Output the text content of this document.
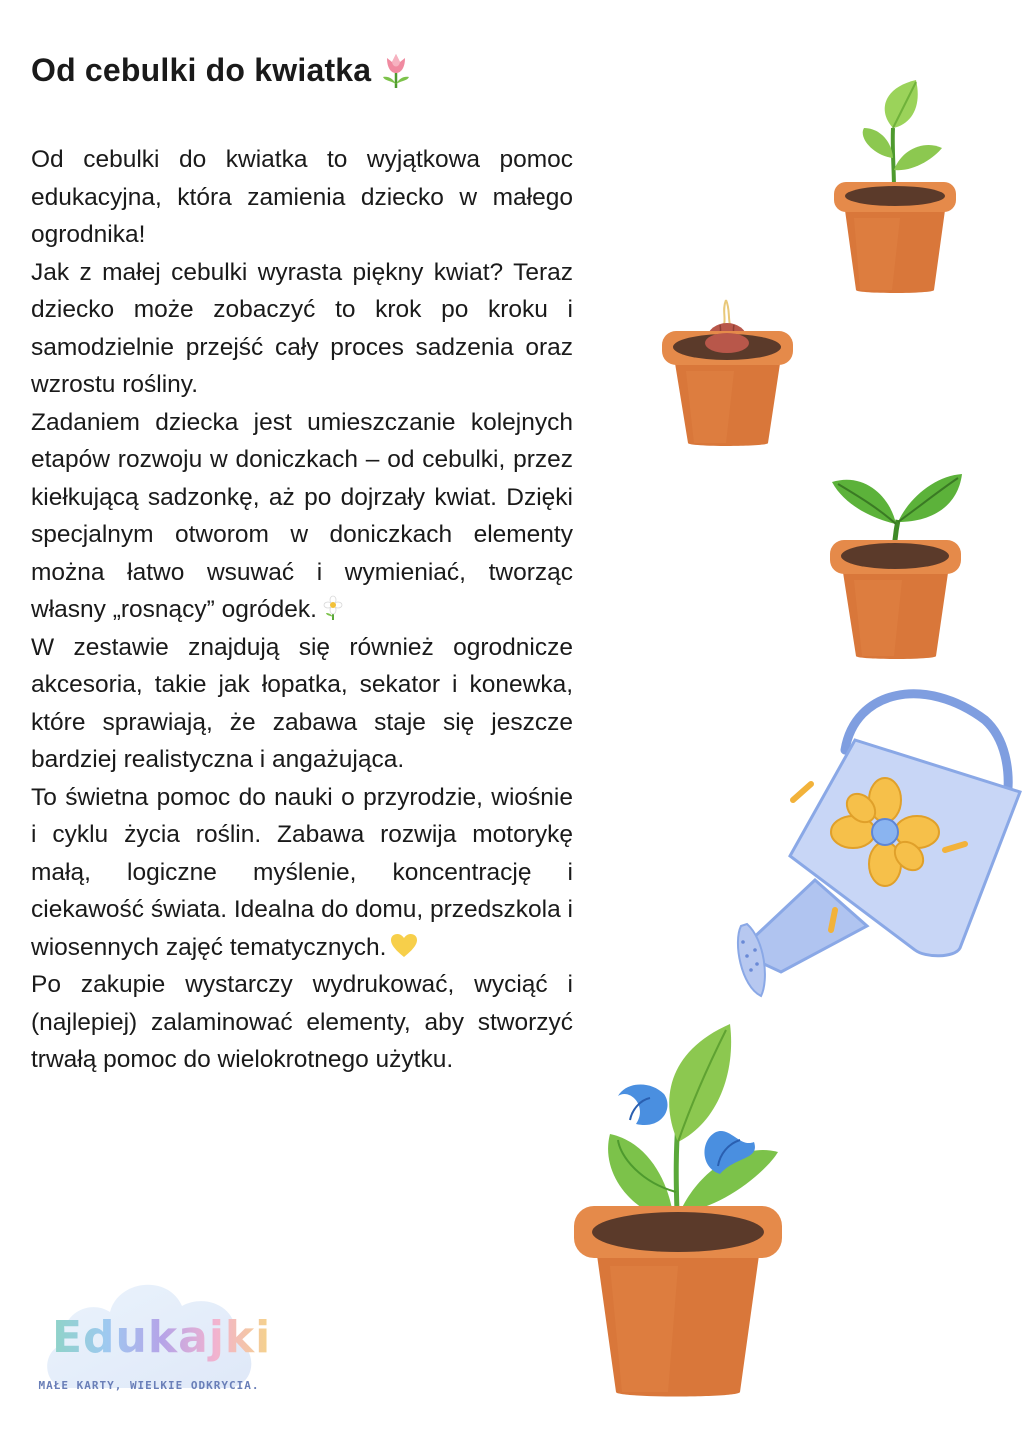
Od cebulki do kwiatka

Od cebulki do kwiatka to wyjątkowa pomoc edukacyjna, która zamienia dziecko w małego ogrodnika!

Jak z małej cebulki wyrasta piękny kwiat? Teraz dziecko może zobaczyć to krok po kroku i samodzielnie przejść cały proces sadzenia oraz wzrostu rośliny.

Zadaniem dziecka jest umieszczanie kolejnych etapów rozwoju w doniczkach – od cebulki, przez kiełkującą sadzonkę, aż po dojrzały kwiat. Dzięki specjalnym otworom w doniczkach elementy można łatwo wsuwać i wymieniać, tworząc własny „rosnący” ogródek.

W zestawie znajdują się również ogrodnicze akcesoria, takie jak łopatka, sekator i konewka, które sprawiają, że zabawa staje się jeszcze bardziej realistyczna i angażująca.

To świetna pomoc do nauki o przyrodzie, wiośnie i cyklu życia roślin. Zabawa rozwija motorykę małą, logiczne myślenie, koncentrację i ciekawość świata. Idealna do domu, przedszkola i wiosennych zajęć tematycznych.

Po zakupie wystarczy wydrukować, wyciąć i (najlepiej) zalaminować elementy, aby stworzyć trwałą pomoc do wielokrotnego użytku.

Edukajki
MAŁE KARTY, WIELKIE ODKRYCIA.
